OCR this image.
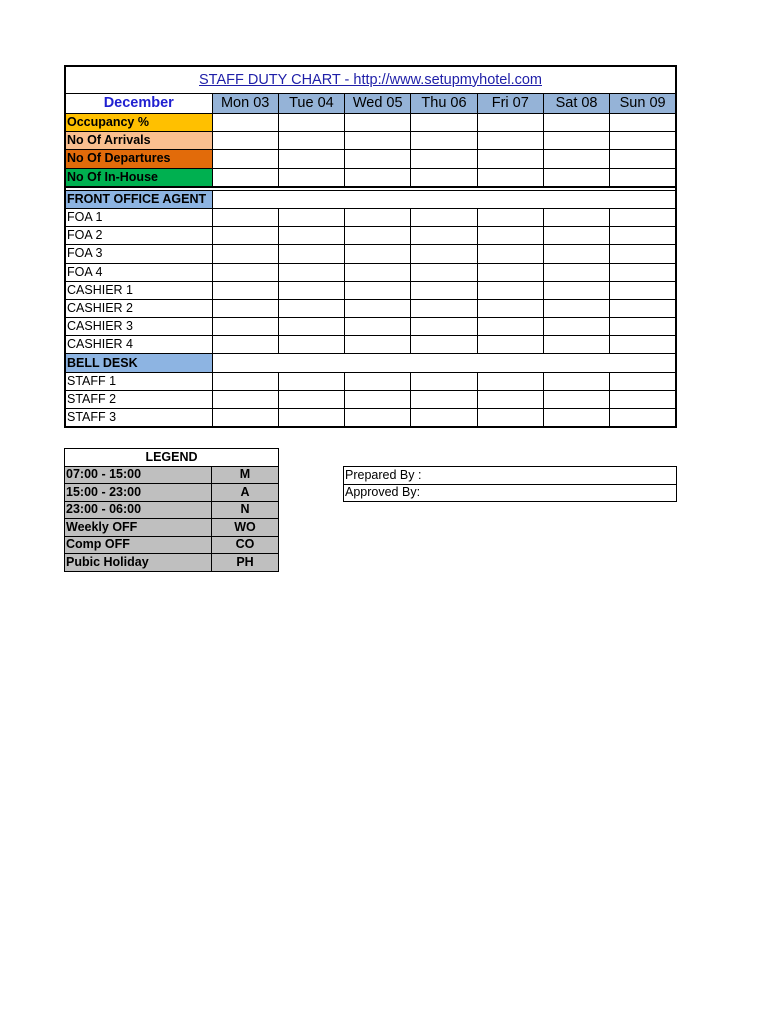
STAFF DUTY CHART - http://www.setupmyhotel.com							
December	Mon 03	Tue 04	Wed 05	Thu 06	Fri 07	Sat 08	Sun 09
Occupancy %							
No Of Arrivals							
No Of Departures							
No Of In-House							

FRONT OFFICE AGENT							
FOA 1							
FOA 2							
FOA 3							
FOA 4							
CASHIER 1							
CASHIER 2							
CASHIER 3							
CASHIER 4							
BELL DESK							
STAFF 1							
STAFF 2							
STAFF 3							
LEGEND	
07:00 - 15:00	M
15:00 - 23:00	A
23:00 - 06:00	N
Weekly OFF	WO
Comp OFF	CO
Pubic Holiday	PH
Prepared By :
Approved By:
